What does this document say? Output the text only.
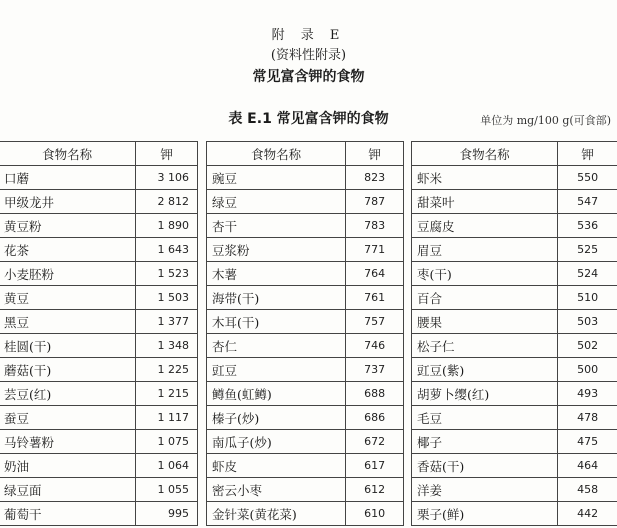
附 录 E
(资料性附录)
常见富含钾的食物
表 E.1 常见富含钾的食物	单位为 mg/100 g(可食部)
食物名称	钾
口蘑	3 106
甲级龙井	2 812
黄豆粉	1 890
花茶	1 643
小麦胚粉	1 523
黄豆	1 503
黑豆	1 377
桂圆(干)	1 348
蘑菇(干)	1 225
芸豆(红)	1 215
蚕豆	1 117
马铃薯粉	1 075
奶油	1 064
绿豆面	1 055
葡萄干	995
食物名称	钾
豌豆	823
绿豆	787
杏干	783
豆浆粉	771
木薯	764
海带(干)	761
木耳(干)	757
杏仁	746
豇豆	737
鳟鱼(虹鳟)	688
榛子(炒)	686
南瓜子(炒)	672
虾皮	617
密云小枣	612
金针菜(黄花菜)	610
食物名称	钾
虾米	550
甜菜叶	547
豆腐皮	536
眉豆	525
枣(干)	524
百合	510
腰果	503
松子仁	502
豇豆(紫)	500
胡萝卜缨(红)	493
毛豆	478
椰子	475
香菇(干)	464
洋姜	458
栗子(鲜)	442
